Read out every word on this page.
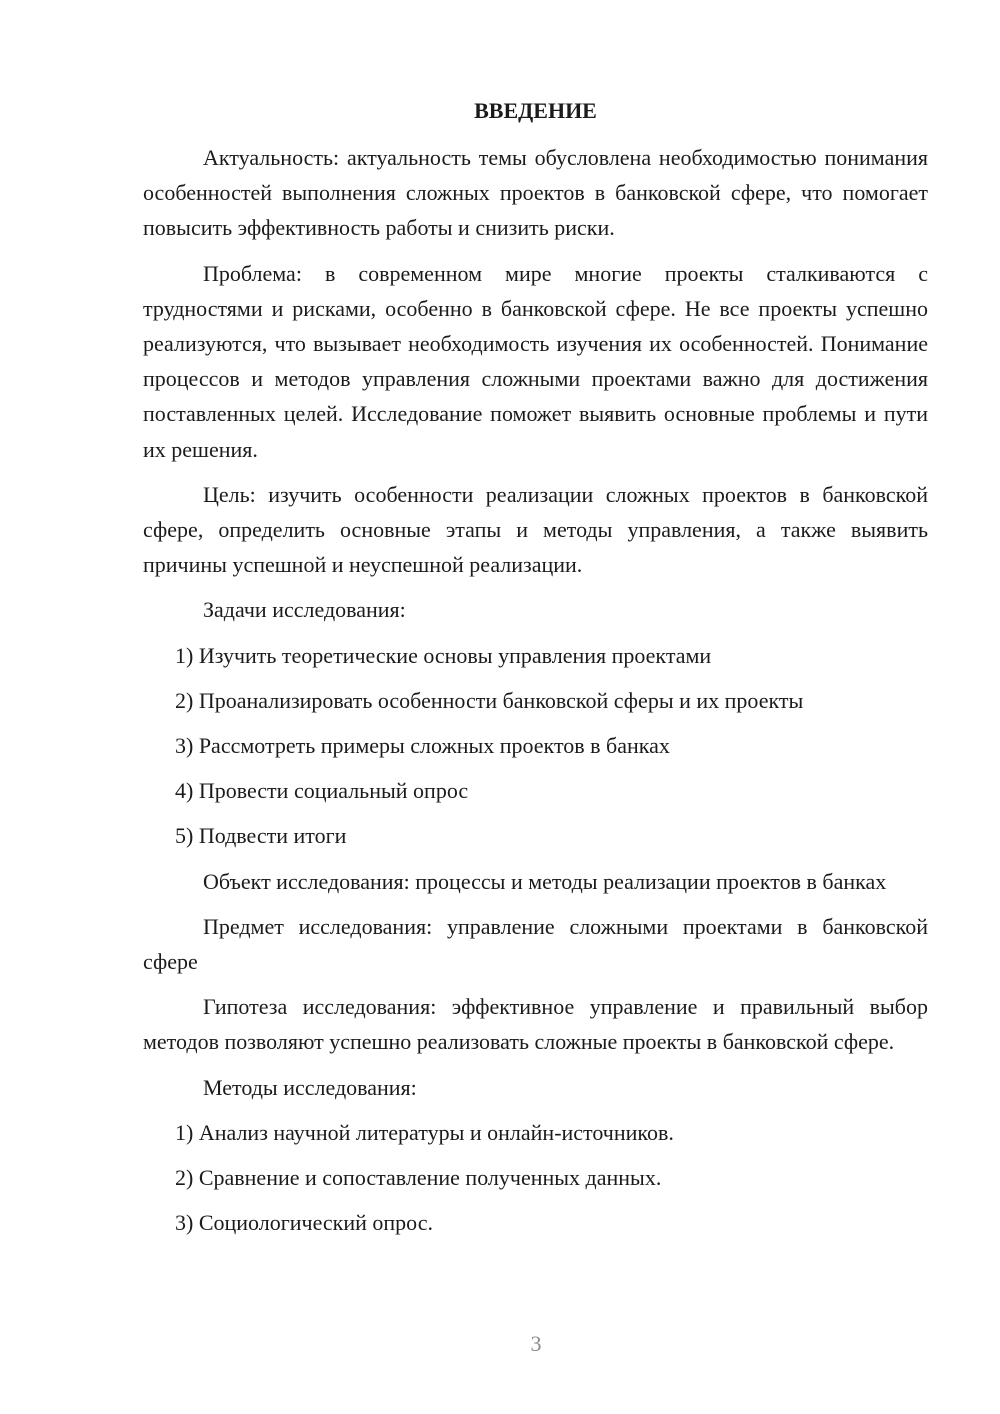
ВВЕДЕНИЕ

Актуальность: актуальность темы обусловлена необходимостью понимания особенностей выполнения сложных проектов в банковской сфере, что помогает повысить эффективность работы и снизить риски.

Проблема: в современном мире многие проекты сталкиваются с трудностями и рисками, особенно в банковской сфере. Не все проекты успешно реализуются, что вызывает необходимость изучения их особенностей. Понимание процессов и методов управления сложными проектами важно для достижения поставленных целей. Исследование поможет выявить основные проблемы и пути их решения.

Цель: изучить особенности реализации сложных проектов в банковской сфере, определить основные этапы и методы управления, а также выявить причины успешной и неуспешной реализации.

Задачи исследования:
1) Изучить теоретические основы управления проектами
2) Проанализировать особенности банковской сферы и их проекты
3) Рассмотреть примеры сложных проектов в банках
4) Провести социальный опрос
5) Подвести итоги

Объект исследования: процессы и методы реализации проектов в банках

Предмет исследования: управление сложными проектами в банковской сфере

Гипотеза исследования: эффективное управление и правильный выбор методов позволяют успешно реализовать сложные проекты в банковской сфере.

Методы исследования:
1) Анализ научной литературы и онлайн-источников.
2) Сравнение и сопоставление полученных данных.
3) Социологический опрос.
3
